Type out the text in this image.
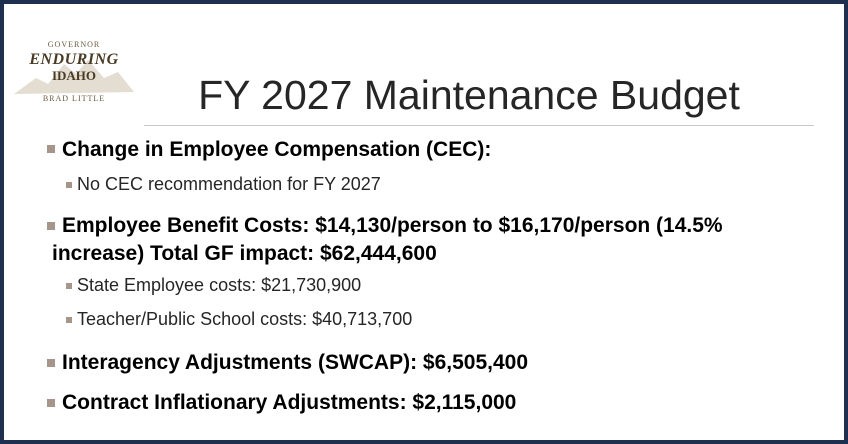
GOVERNOR
ENDURING
IDAHO
BRAD LITTLE	FY 2027 Maintenance Budget
Change in Employee Compensation (CEC):
No CEC recommendation for FY 2027
Employee Benefit Costs: $14,130/person to $16,170/person (14.5%
increase) Total GF impact: $62,444,600
State Employee costs: $21,730,900
Teacher/Public School costs: $40,713,700
Interagency Adjustments (SWCAP): $6,505,400
Contract Inflationary Adjustments: $2,115,000
